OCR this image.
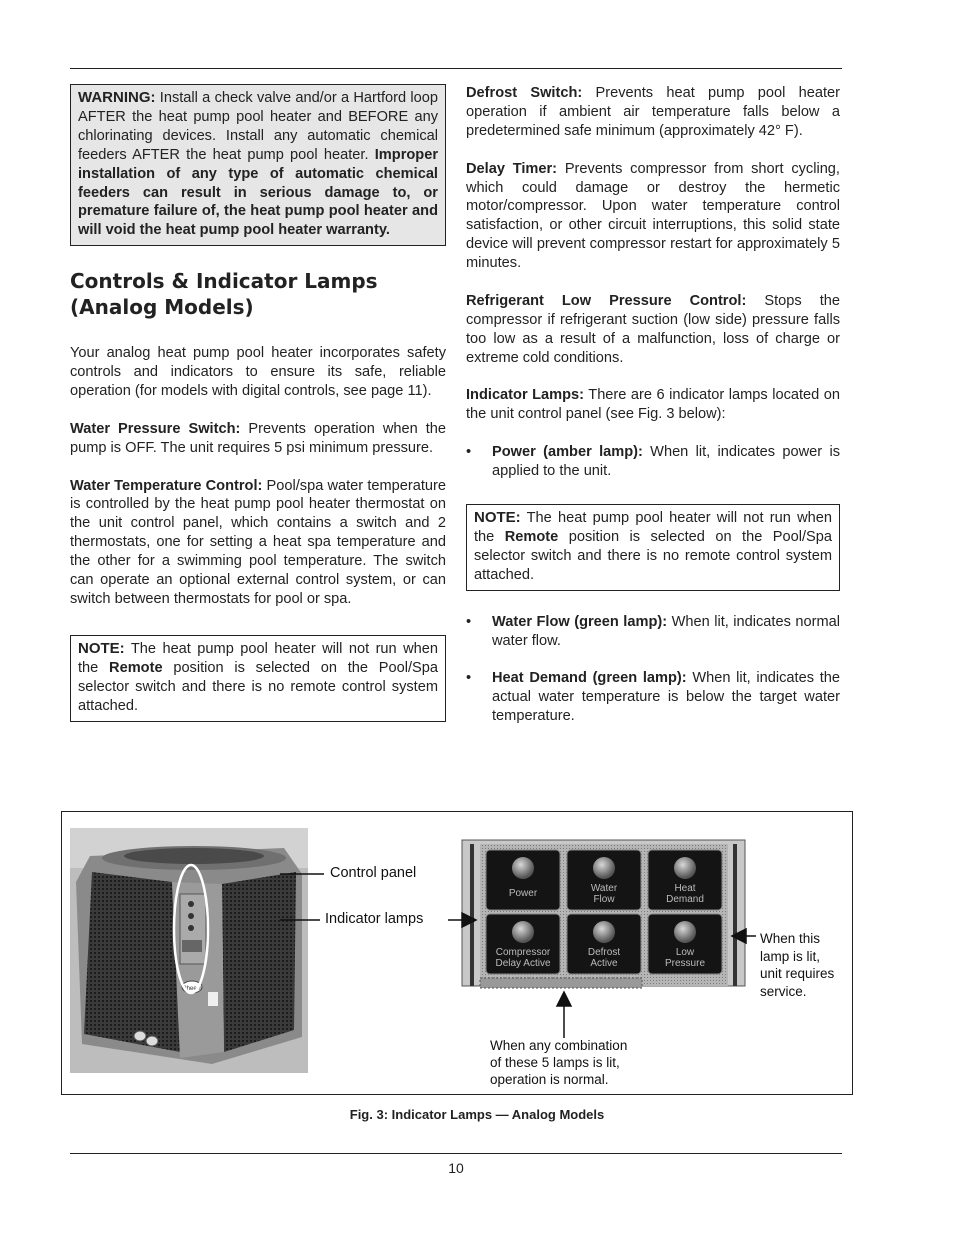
WARNING: Install a check valve and/or a Hartford loop AFTER the heat pump pool heater and BEFORE any chlorinating devices. Install any automatic chemical feeders AFTER the heat pump pool heater. Improper installation of any type of automatic chemical feeders can result in serious damage to, or premature failure of, the heat pump pool heater and will void the heat pump pool heater warranty.
Controls & Indicator Lamps (Analog Models)

Your analog heat pump pool heater incorporates safety controls and indicators to ensure its safe, reliable operation (for models with digital controls, see page 11).

Water Pressure Switch: Prevents operation when the pump is OFF. The unit requires 5 psi minimum pressure.

Water Temperature Control: Pool/spa water temperature is controlled by the heat pump pool heater thermostat on the unit control panel, which contains a switch and 2 thermostats, one for setting a heat spa temperature and the other for a swimming pool temperature. The switch can operate an optional external control system, or can switch between thermostats for pool or spa.

NOTE: The heat pump pool heater will not run when the Remote position is selected on the Pool/Spa selector switch and there is no remote control system attached.

Defrost Switch: Prevents heat pump pool heater operation if ambient air temperature falls below a predetermined safe minimum (approximately 42° F).

Delay Timer: Prevents compressor from short cycling, which could damage or destroy the hermetic motor/compressor. Upon water temperature control satisfaction, or other circuit interruptions, this solid state device will prevent compressor restart for approximately 5 minutes.

Refrigerant Low Pressure Control: Stops the compressor if refrigerant suction (low side) pressure falls too low as a result of a malfunction, loss of charge or extreme cold conditions.

Indicator Lamps: There are 6 indicator lamps located on the unit control panel (see Fig. 3 below):

• Power (amber lamp): When lit, indicates power is applied to the unit.

NOTE: The heat pump pool heater will not run when the Remote position is selected on the Pool/Spa selector switch and there is no remote control system attached.

• Water Flow (green lamp): When lit, indicates normal water flow.

• Heat Demand (green lamp): When lit, indicates the actual water temperature is below the target water temperature.

Rheem
Power	Water
Flow
Heat
Demand
Compressor
Delay Active
Defrost
Active
Low
Pressure
Control panel
Indicator lamps
When this
lamp is lit,
unit requires
service.
When any combination
of these 5 lamps is lit,
operation is normal.
Fig. 3: Indicator Lamps — Analog Models
10
